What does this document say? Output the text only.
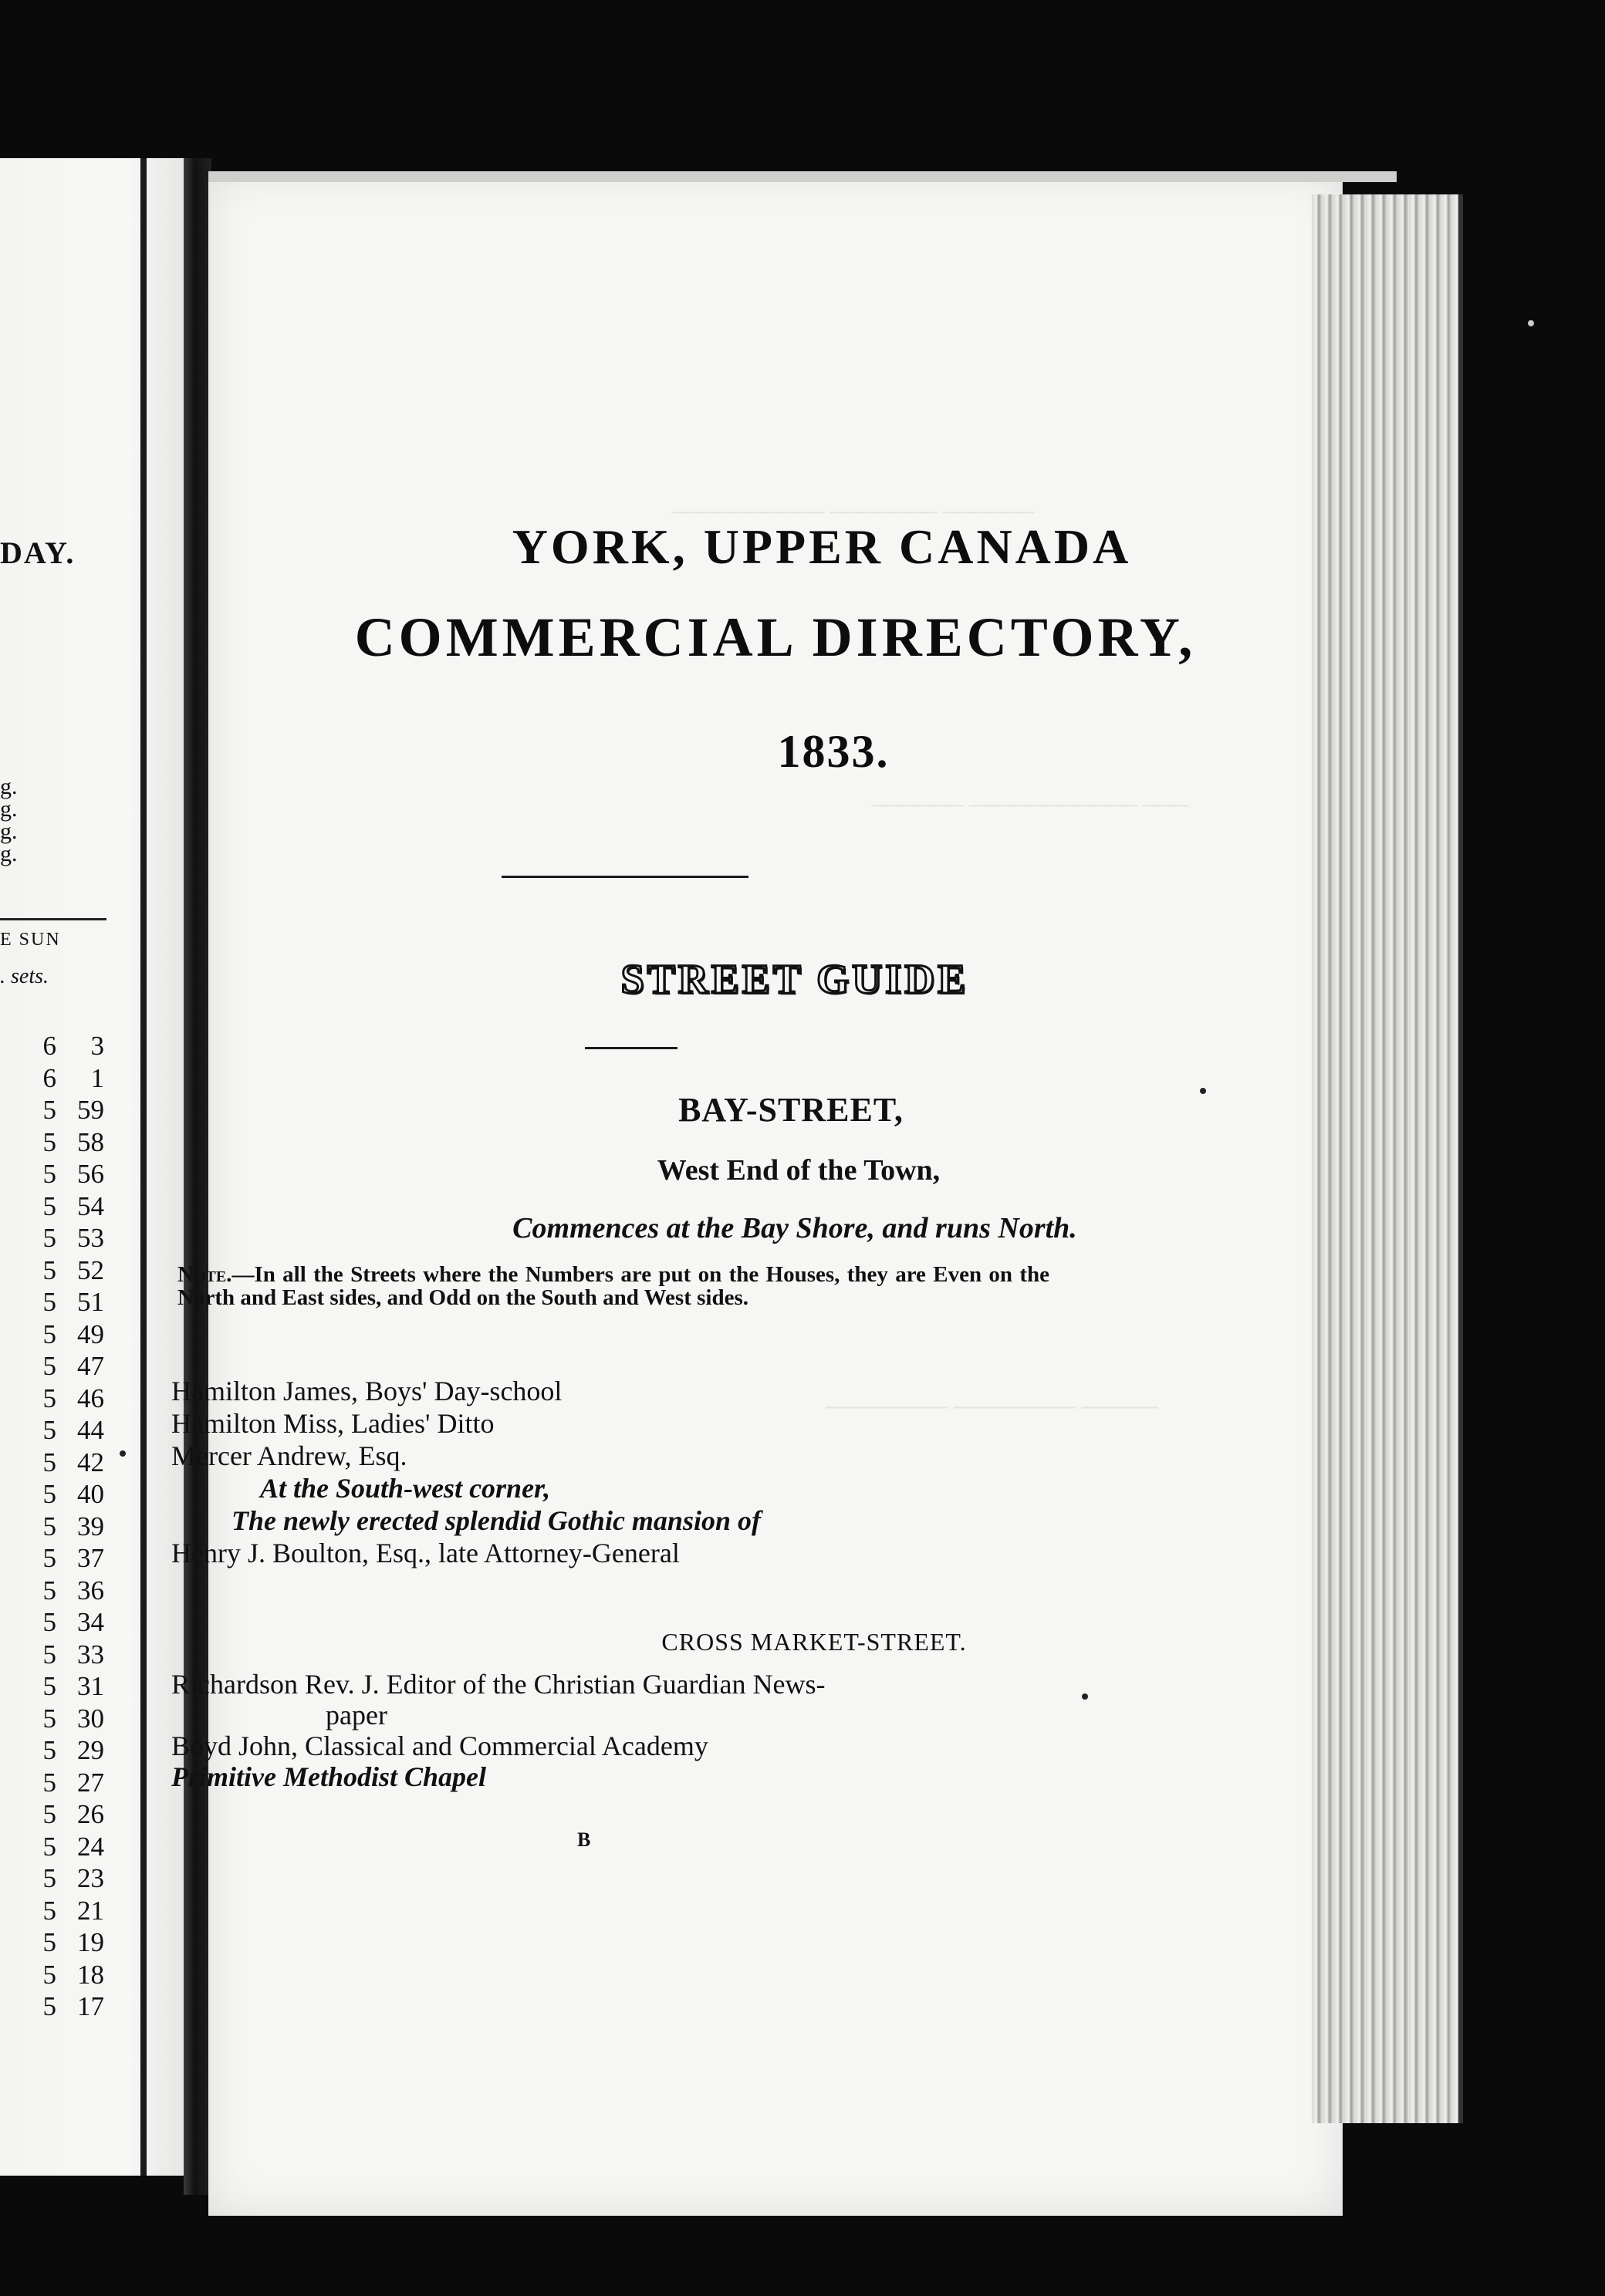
DAY.
g.
g.
g.
g.
E SUN
. sets.
6 3
6 1
5 59
5 58
5 56
5 54
5 53
5 52
5 51
5 49
5 47
5 46
5 44
5 42
5 40
5 39
5 37
5 36
5 34
5 33
5 31
5 30
5 29
5 27
5 26
5 24
5 23
5 21
5 19
5 18
5 17
YORK, UPPER CANADA
COMMERCIAL DIRECTORY,
1833.
STREET GUIDE
BAY-STREET,
West End of the Town,
Commences at the Bay Shore, and runs North.
Note.—In all the Streets where the Numbers are put on the Houses, they are Even on the North and East sides, and Odd on the South and West sides.
Hamilton James, Boys' Day-school
Hamilton Miss, Ladies' Ditto
Mercer Andrew, Esq.
At the South-west corner,
The newly erected splendid Gothic mansion of
Henry J. Boulton, Esq., late Attorney-General
CROSS MARKET-STREET.
Richardson Rev. J. Editor of the Christian Guardian News-
paper
Boyd John, Classical and Commercial Academy
Primitive Methodist Chapel
B
────────── ─────── ──────
────── ─────────── ───
──────── ──────── ─────
